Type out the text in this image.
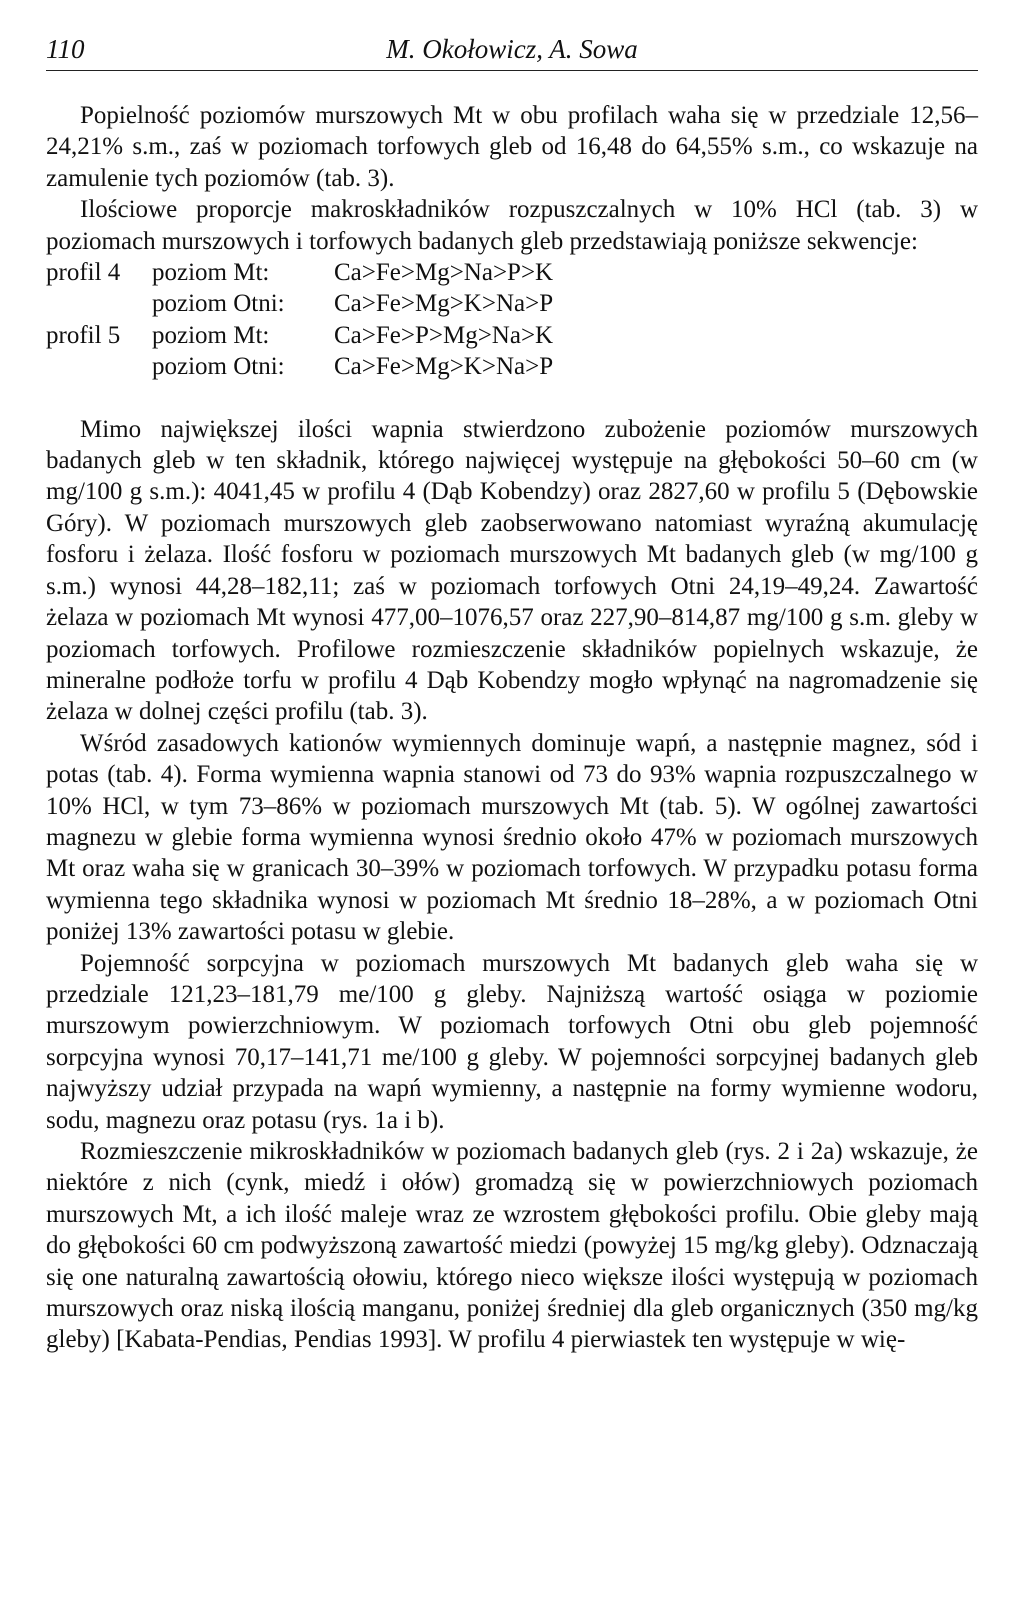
110	M. Okołowicz, A. Sowa

Popielność poziomów murszowych Mt w obu profilach waha się w przedziale 12,56–24,21% s.m., zaś w poziomach torfowych gleb od 16,48 do 64,55% s.m., co wskazuje na zamulenie tych poziomów (tab. 3).

Ilościowe proporcje makroskładników rozpuszczalnych w 10% HCl (tab. 3) w poziomach murszowych i torfowych badanych gleb przedstawiają poniższe sekwencje:

profil 4	poziom Mt:	Ca>Fe>Mg>Na>P>K
	poziom Otni:	Ca>Fe>Mg>K>Na>P
profil 5	poziom Mt:	Ca>Fe>P>Mg>Na>K
	poziom Otni:	Ca>Fe>Mg>K>Na>P

Mimo największej ilości wapnia stwierdzono zubożenie poziomów murszowych badanych gleb w ten składnik, którego najwięcej występuje na głębokości 50–60 cm (w mg/100 g s.m.): 4041,45 w profilu 4 (Dąb Kobendzy) oraz 2827,60 w profilu 5 (Dębowskie Góry). W poziomach murszowych gleb zaobserwowano natomiast wyraźną akumulację fosforu i żelaza. Ilość fosforu w poziomach murszowych Mt badanych gleb (w mg/100 g s.m.) wynosi 44,28–182,11; zaś w poziomach torfowych Otni 24,19–49,24. Zawartość żelaza w poziomach Mt wynosi 477,00–1076,57 oraz 227,90–814,87 mg/100 g s.m. gleby w poziomach torfowych. Profilowe rozmieszczenie składników popielnych wskazuje, że mineralne podłoże torfu w profilu 4 Dąb Kobendzy mogło wpłynąć na nagromadzenie się żelaza w dolnej części profilu (tab. 3).

Wśród zasadowych kationów wymiennych dominuje wapń, a następnie magnez, sód i potas (tab. 4). Forma wymienna wapnia stanowi od 73 do 93% wapnia rozpuszczalnego w 10% HCl, w tym 73–86% w poziomach murszowych Mt (tab. 5). W ogólnej zawartości magnezu w glebie forma wymienna wynosi średnio około 47% w poziomach murszowych Mt oraz waha się w granicach 30–39% w poziomach torfowych. W przypadku potasu forma wymienna tego składnika wynosi w poziomach Mt średnio 18–28%, a w poziomach Otni poniżej 13% zawartości potasu w glebie.

Pojemność sorpcyjna w poziomach murszowych Mt badanych gleb waha się w przedziale 121,23–181,79 me/100 g gleby. Najniższą wartość osiąga w poziomie murszowym powierzchniowym. W poziomach torfowych Otni obu gleb pojemność sorpcyjna wynosi 70,17–141,71 me/100 g gleby. W pojemności sorpcyjnej badanych gleb najwyższy udział przypada na wapń wymienny, a następnie na formy wymienne wodoru, sodu, magnezu oraz potasu (rys. 1a i b).

Rozmieszczenie mikroskładników w poziomach badanych gleb (rys. 2 i 2a) wskazuje, że niektóre z nich (cynk, miedź i ołów) gromadzą się w powierzchniowych poziomach murszowych Mt, a ich ilość maleje wraz ze wzrostem głębokości profilu. Obie gleby mają do głębokości 60 cm podwyższoną zawartość miedzi (powyżej 15 mg/kg gleby). Odznaczają się one naturalną zawartością ołowiu, którego nieco większe ilości występują w poziomach murszowych oraz niską ilością manganu, poniżej średniej dla gleb organicznych (350 mg/kg gleby) [Kabata-Pendias, Pendias 1993]. W profilu 4 pierwiastek ten występuje w wię-
